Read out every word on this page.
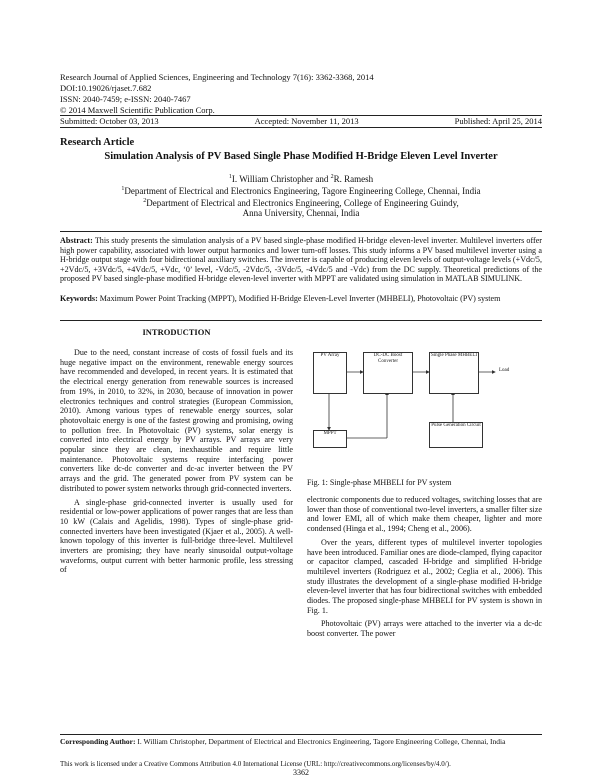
Research Journal of Applied Sciences, Engineering and Technology 7(16): 3362-3368, 2014
DOI:10.19026/rjaset.7.682
ISSN: 2040-7459; e-ISSN: 2040-7467
© 2014 Maxwell Scientific Publication Corp.
Submitted: October 03, 2013	Accepted: November 11, 2013	Published: April 25, 2014
Research Article
Simulation Analysis of PV Based Single Phase Modified H-Bridge Eleven Level Inverter
$^1$I. William Christopher and $^2$R. Ramesh
$^1$Department of Electrical and Electronics Engineering, Tagore Engineering College, Chennai, India
$^2$Department of Electrical and Electronics Engineering, College of Engineering Guindy,
Anna University, Chennai, India
Abstract: This study presents the simulation analysis of a PV based single-phase modified H-bridge eleven-level inverter. Multilevel inverters offer high power capability, associated with lower output harmonics and lower turn-off losses. This study informs a PV based multilevel inverter using a H-bridge output stage with four bidirectional auxiliary switches. The inverter is capable of producing eleven levels of output-voltage levels (+Vdc/5, +2Vdc/5, +3Vdc/5, +4Vdc/5, +Vdc, ‘0’ level, -Vdc/5, -2Vdc/5, -3Vdc/5, -4Vdc/5 and -Vdc) from the DC supply. Theoretical predictions of the proposed PV based single-phase modified H-bridge eleven-level inverter with MPPT are validated using simulation in MATLAB SIMULINK.
Keywords: Maximum Power Point Tracking (MPPT), Modified H-Bridge Eleven-Level Inverter (MHBELI), Photovoltaic (PV) system
INTRODUCTION

Due to the need, constant increase of costs of fossil fuels and its huge negative impact on the environment, renewable energy sources have recommended and developed, in recent years. It is estimated that the electrical energy generation from renewable sources is increased from 19%, in 2010, to 32%, in 2030, because of innovation in power electronics techniques and control strategies (European Commission, 2010). Among various types of renewable energy sources, solar photovoltaic energy is one of the fastest growing and promising, owing to pollution free. In Photovoltaic (PV) systems, solar energy is converted into electrical energy by PV arrays. PV arrays are very popular since they are clean, inexhaustible and require little maintenance. Photovoltaic systems require interfacing power converters like dc-dc converter and dc-ac inverter between the PV arrays and the grid. The generated power from PV system can be distributed to power system networks through grid-connected inverters.

A single-phase grid-connected inverter is usually used for residential or low-power applications of power ranges that are less than 10 kW (Calais and Agelidis, 1998). Types of single-phase grid-connected inverters have been investigated (Kjaer et al., 2005). A well-known topology of this inverter is full-bridge three-level. Multilevel inverters are promising; they have nearly sinusoidal output-voltage waveforms, output current with better harmonic profile, less stressing of

PV Array	DC-DC Boost Converter
Single Phase MHBELI
Load
MPPT
Pulse Generation Circuit
Fig. 1: Single-phase MHBELI for PV system

electronic components due to reduced voltages, switching losses that are lower than those of conventional two-level inverters, a smaller filter size and lower EMI, all of which make them cheaper, lighter and more condensed (Hinga et al., 1994; Cheng et al., 2006).

Over the years, different types of multilevel inverter topologies have been introduced. Familiar ones are diode-clamped, flying capacitor or capacitor clamped, cascaded H-bridge and simplified H-bridge multilevel inverters (Rodriguez et al., 2002; Ceglia et al., 2006). This study illustrates the development of a single-phase modified H-bridge eleven-level inverter that has four bidirectional switches with embedded diodes. The proposed single-phase MHBELI for PV system is shown in Fig. 1.

Photovoltaic (PV) arrays were attached to the inverter via a dc-dc boost converter. The power

Corresponding Author: I. William Christopher, Department of Electrical and Electronics Engineering, Tagore Engineering College, Chennai, India
This work is licensed under a Creative Commons Attribution 4.0 International License (URL: http://creativecommons.org/licenses/by/4.0/).
3362
